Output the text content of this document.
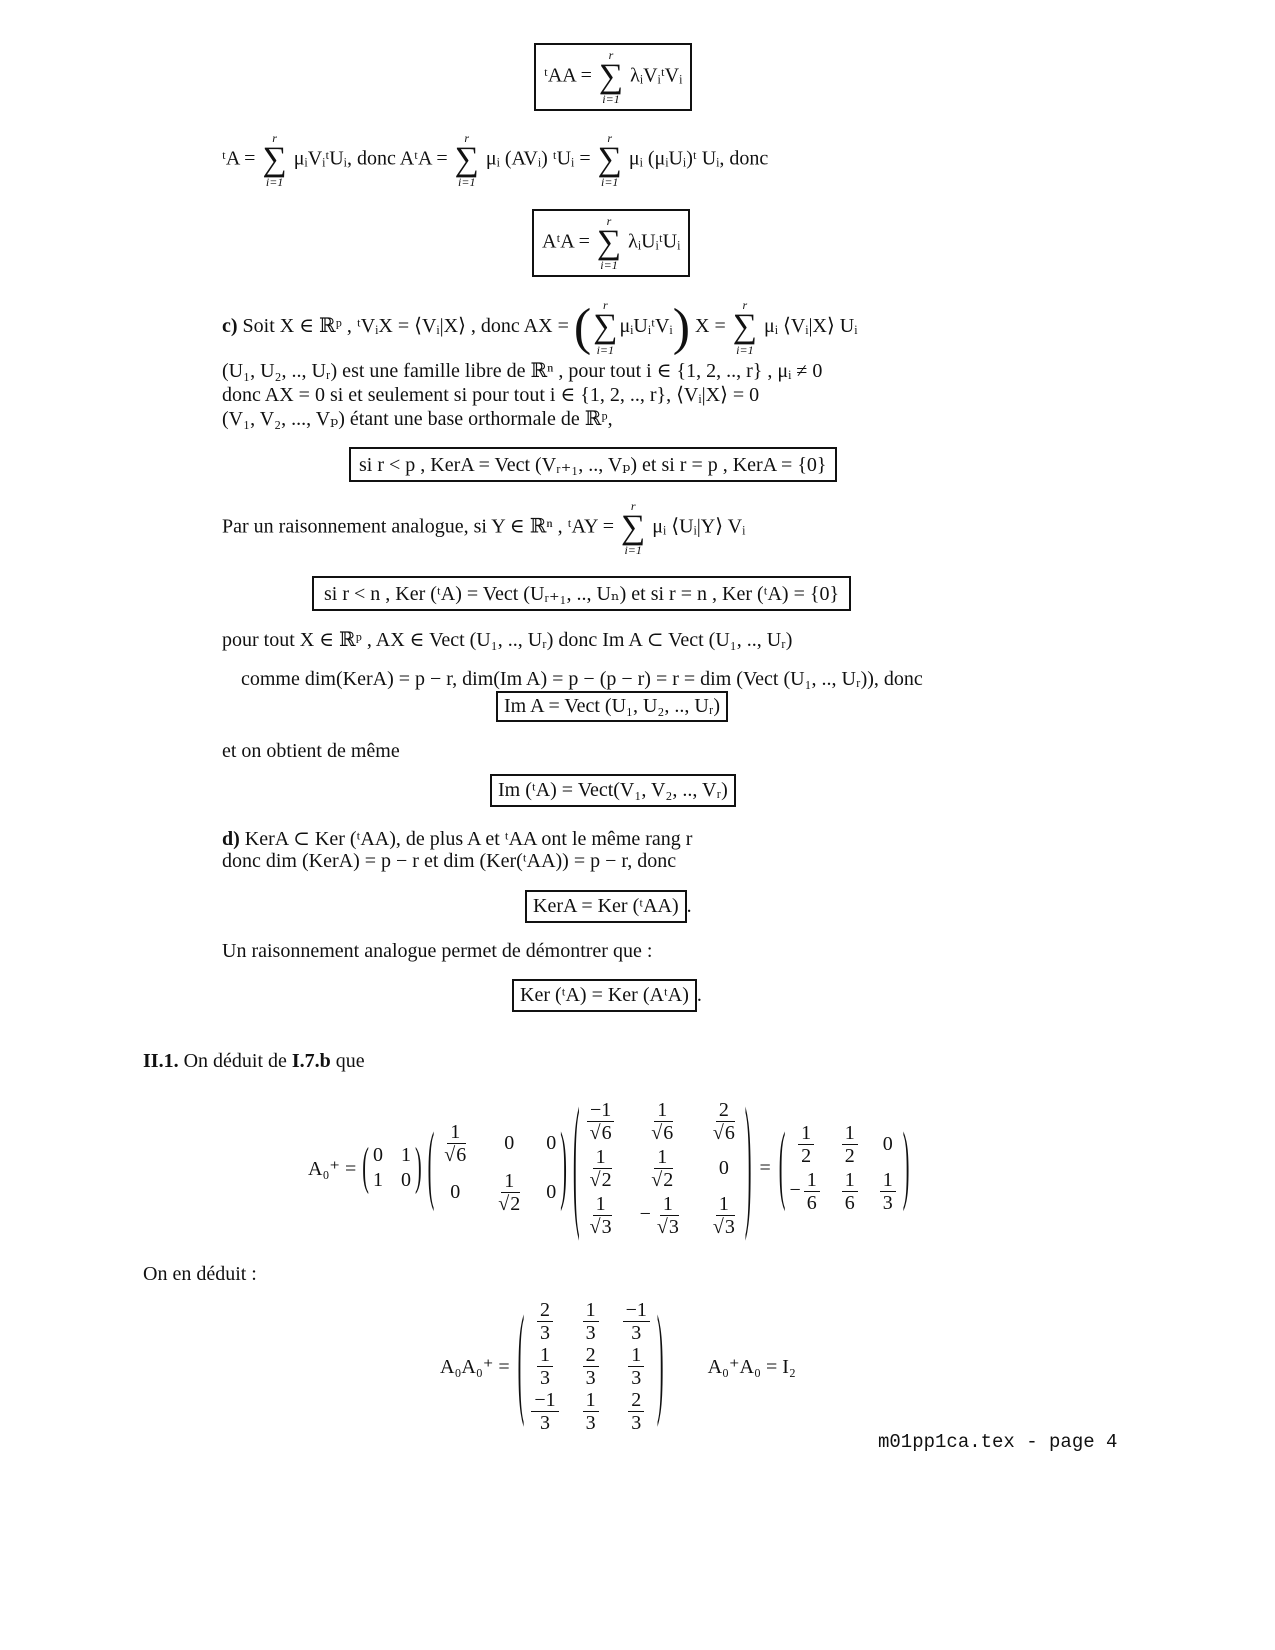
ᵗAA =
r
∑
i=1
λᵢVᵢᵗVᵢ
ᵗA =
r
∑
i=1
μᵢVᵢᵗUᵢ, donc AᵗA =
r
∑
i=1
μᵢ (AVᵢ) ᵗUᵢ =
r
∑
i=1
μᵢ (μᵢUᵢ)ᵗ Uᵢ, donc
AᵗA =
r
∑
i=1
λᵢUᵢᵗUᵢ
c) Soit X ∈ ℝᵖ , ᵗVᵢX = ⟨Vᵢ|X⟩ , donc AX = ( r
∑
i=1
μᵢUᵢᵗVᵢ) X =
r
∑
i=1
μᵢ ⟨Vᵢ|X⟩ Uᵢ
(U₁, U₂, .., Uᵣ) est une famille libre de ℝⁿ , pour tout i ∈ {1, 2, .., r} , μᵢ ≠ 0
donc AX = 0 si et seulement si pour tout i ∈ {1, 2, .., r}, ⟨Vᵢ|X⟩ = 0
(V₁, V₂, ..., Vₚ) étant une base orthormale de ℝᵖ,
si r < p , KerA = Vect (Vᵣ₊₁, .., Vₚ) et si r = p , KerA = {0}
Par un raisonnement analogue, si Y ∈ ℝⁿ , ᵗAY =
r
∑
i=1
μᵢ ⟨Uᵢ|Y⟩ Vᵢ
si r < n , Ker (ᵗA) = Vect (Uᵣ₊₁, .., Uₙ) et si r = n , Ker (ᵗA) = {0}
pour tout X ∈ ℝᵖ , AX ∈ Vect (U₁, .., Uᵣ) donc Im A ⊂ Vect (U₁, .., Uᵣ)
comme dim(KerA) = p − r, dim(Im A) = p − (p − r) = r = dim (Vect (U₁, .., Uᵣ)), donc
Im A = Vect (U₁, U₂, .., Uᵣ)
et on obtient de même
Im (ᵗA) = Vect(V₁, V₂, .., Vᵣ)
d) KerA ⊂ Ker (ᵗAA), de plus A et ᵗAA ont le même rang r
donc dim (KerA) = p − r et dim (Ker(ᵗAA)) = p − r, donc
KerA = Ker (ᵗAA) .
Un raisonnement analogue permet de démontrer que :
Ker (ᵗA) = Ker (AᵗA) .
II.1. On déduit de I.7.b que
A₀⁺ = ( 0 1
1 0 ) ( $\frac{1}{√6} 0$ 0
$0 \frac{1}{√2} 0$ ) ( $\frac{-1}{√6} \frac{1}{√6} \frac{2}{√6}$
$\frac{1}{√2} \frac{1}{√2} 0$
$\frac{1}{√3} - \frac{1}{√3} \frac{1}{√3}$ ) = ( $\frac{1}{2} \frac{1}{2} 0$
− $\frac{1}{6} \frac{1}{6} \frac{1}{3}$ )
On en déduit :
A₀A₀⁺ = ( $\frac{2}{3} \frac{1}{3} \frac{-1}{3}$
$\frac{1}{3} \frac{2}{3} \frac{1}{3}$
$\frac{-1}{3} \frac{1}{3} \frac{2}{3}$ ) A₀⁺A₀ = I₂
m01pp1ca.tex - page 4
